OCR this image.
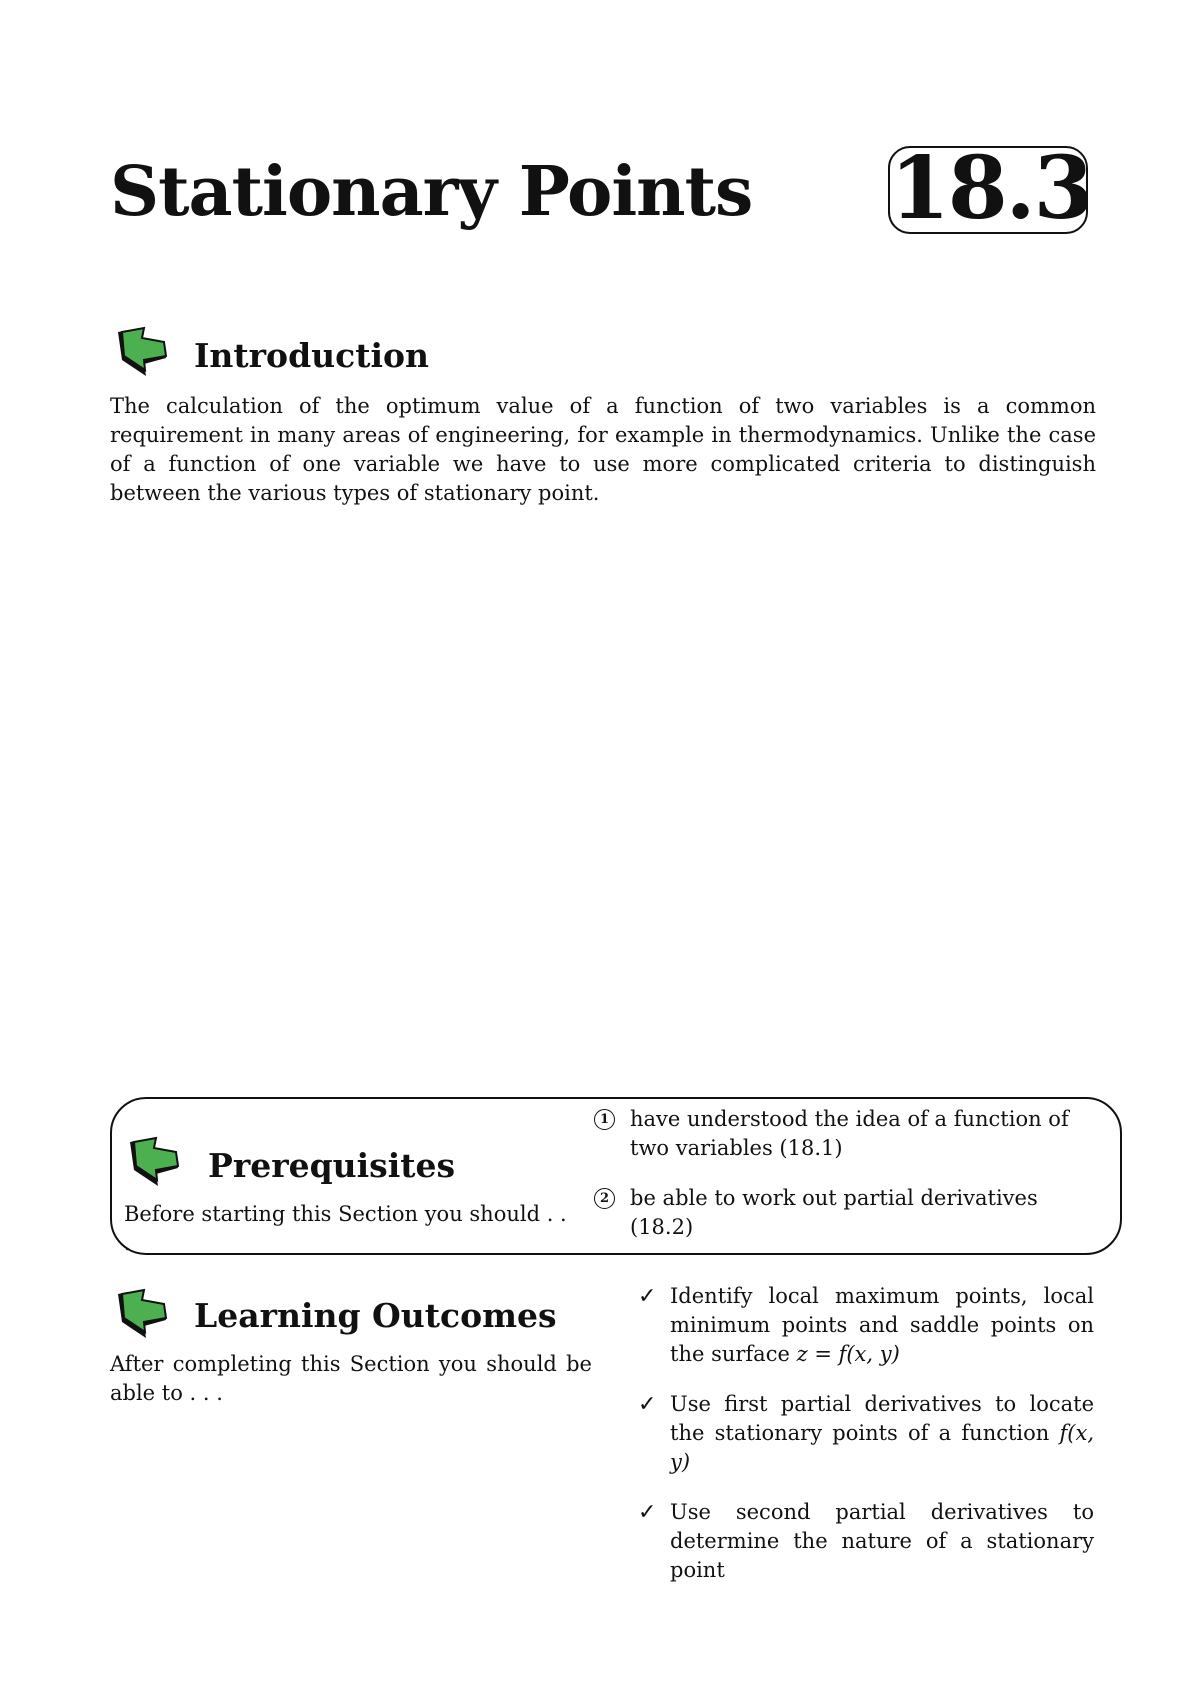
Stationary Points 18.3
Introduction

The calculation of the optimum value of a function of two variables is a common requirement in many areas of engineering, for example in thermodynamics. Unlike the case of a function of one variable we have to use more complicated criteria to distinguish between the various types of stationary point.

Prerequisites

Before starting this Section you should . . .

1 have understood the idea of a function of two variables (18.1)
2 be able to work out partial derivatives (18.2)
Learning Outcomes

After completing this Section you should be able to . . .

✓ Identify local maximum points, local minimum points and saddle points on the surface z = f(x, y)
✓ Use first partial derivatives to locate the stationary points of a function f(x, y)
✓ Use second partial derivatives to determine the nature of a stationary point
